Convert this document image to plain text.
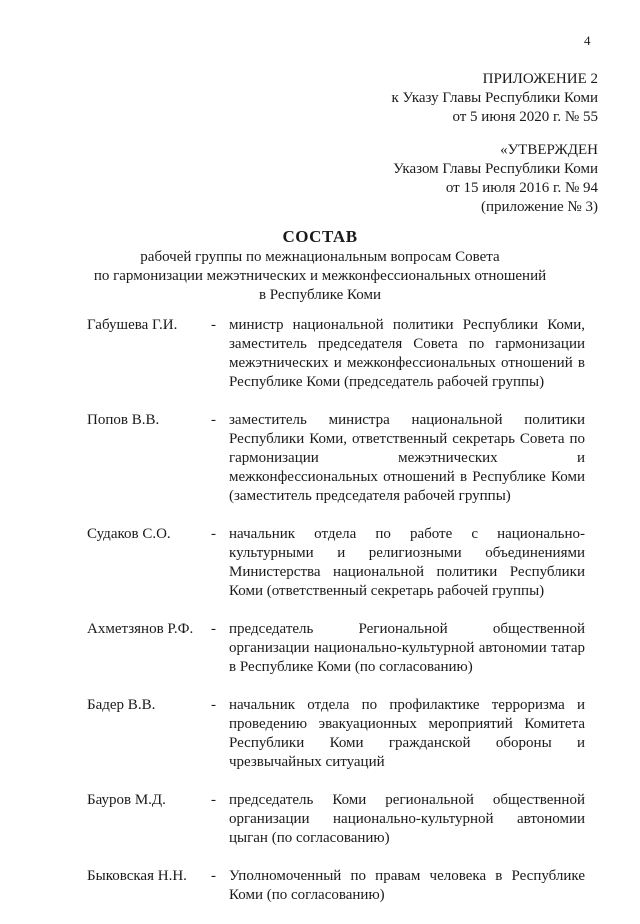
4
ПРИЛОЖЕНИЕ 2
к Указу Главы Республики Коми
от 5 июня 2020 г. № 55
«УТВЕРЖДЕН
Указом Главы Республики Коми
от 15 июля 2016 г. № 94
(приложение № 3)
СОСТАВ
рабочей группы по межнациональным вопросам Совета
по гармонизации межэтнических и межконфессиональных отношений
в Республике Коми
Габушева Г.И. - министр национальной политики Республики Коми, заместитель председателя Совета по гармонизации межэтнических и межконфессиональных отношений в Республике Коми (председатель рабочей группы)
Попов В.В.	- заместитель министра национальной политики Республики Коми, ответственный секретарь Совета по гармонизации межэтнических и межконфессиональных отношений в Республике Коми (заместитель председателя рабочей группы)
Судаков С.О.	- начальник отдела по работе с национально-культурными и религиозными объединениями Министерства национальной политики Республики Коми (ответственный секретарь рабочей группы)
Ахметзянов Р.Ф. - председатель Региональной общественной организации национально-культурной автономии татар в Республике Коми (по согласованию)
Бадер В.В.	- начальник отдела по профилактике терроризма и проведению эвакуационных мероприятий Комитета Республики Коми гражданской обороны и чрезвычайных ситуаций
Бауров М.Д.	- председатель Коми региональной общественной организации национально-культурной автономии цыган (по согласованию)
Быковская Н.Н. - Уполномоченный по правам человека в Республике Коми (по согласованию)
